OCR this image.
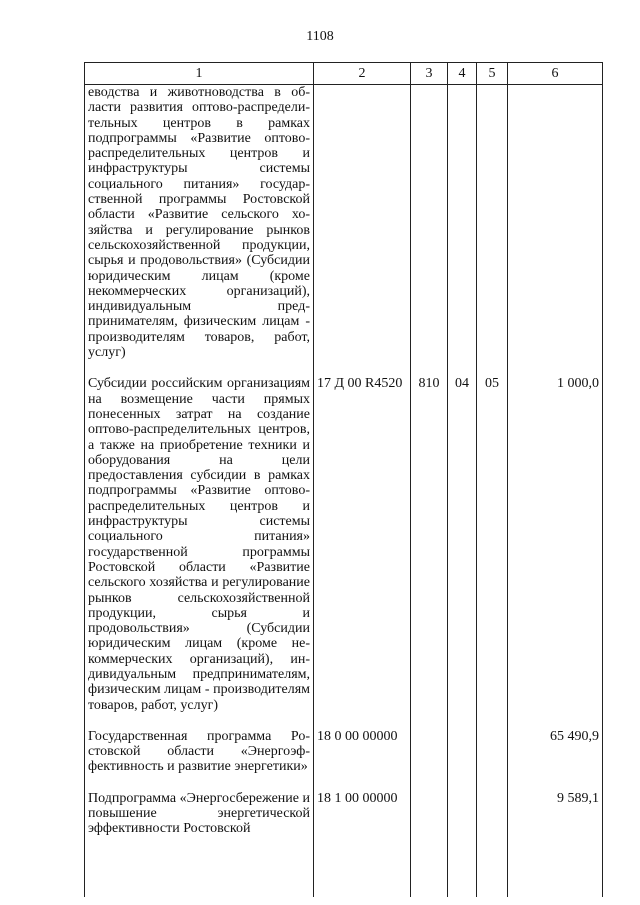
1108
1	2	3	4	5	6
еводства и животноводства в области развития оптово-распределительных центров в рамках подпрограммы «Развитие оптово-распределительных центров и инфраструктуры системы социального питания» государственной программы Ростовской области «Развитие сельского хозяйства и регулирование рынков сельскохозяйственной продукции, сырья и продовольствия» (Субсидии юридическим лицам (кроме некоммерческих организаций), индивидуальным предпринимателям, физическим лицам - производителям товаров, работ, услуг)					

Субсидии российским организациям на возмещение части прямых понесенных затрат на создание оптово-распределительных центров, а также на приобретение техники и оборудования на цели предоставления субсидии в рамках подпрограммы «Развитие оптово-распределительных центров и инфраструктуры системы социального питания» государственной программы Ростовской области «Развитие сельского хозяйства и регулирование рынков сельскохозяйственной продукции, сырья и продовольствия» (Субсидии юридическим лицам (кроме некоммерческих организаций), индивидуальным предпринимателям, физическим лицам - производителям товаров, работ, услуг)	17 Д 00 R4520	810	04	05	1 000,0

Государственная программа Ростовской области «Энергоэффективность и развитие энергетики»	18 0 00 00000				65 490,9

Подпрограмма «Энергосбережение и повышение энергетической эффективности Ростовской	18 1 00 00000				9 589,1
